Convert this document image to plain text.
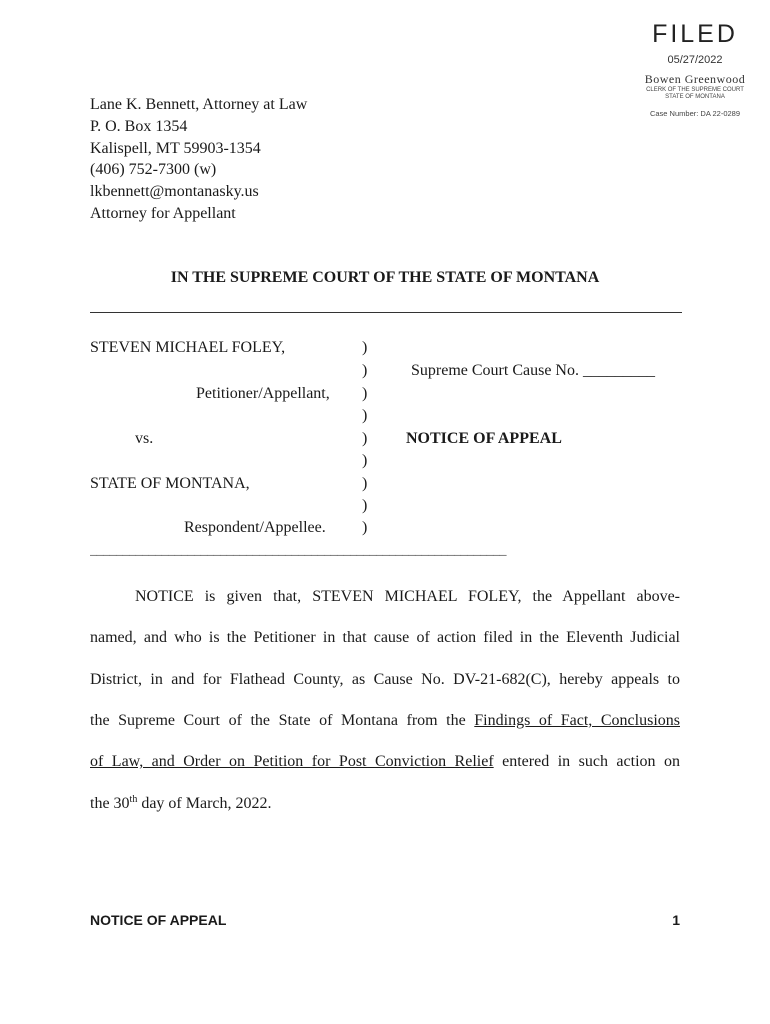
FILED
05/27/2022
Bowen Greenwood
CLERK OF THE SUPREME COURT
STATE OF MONTANA
Case Number: DA 22-0289
Lane K. Bennett, Attorney at Law
P. O. Box 1354
Kalispell, MT 59903-1354
(406) 752-7300 (w)
lkbennett@montanasky.us
Attorney for Appellant
IN THE SUPREME COURT OF THE STATE OF MONTANA
STEVEN MICHAEL FOLEY,
Petitioner/Appellant,
vs.
STATE OF MONTANA,
Respondent/Appellee.
)
)
)
)
)
)
)
)
)
Supreme Court Cause No. _________
NOTICE OF APPEAL
________________________________________________________________
NOTICE is given that, STEVEN MICHAEL FOLEY, the Appellant above-
named, and who is the Petitioner in that cause of action filed in the Eleventh Judicial
District, in and for Flathead County, as Cause No. DV-21-682(C), hereby appeals to
the Supreme Court of the State of Montana from the Findings of Fact, Conclusions
of Law, and Order on Petition for Post Conviction Relief entered in such action on
the 30th day of March, 2022.
NOTICE OF APPEAL	1
